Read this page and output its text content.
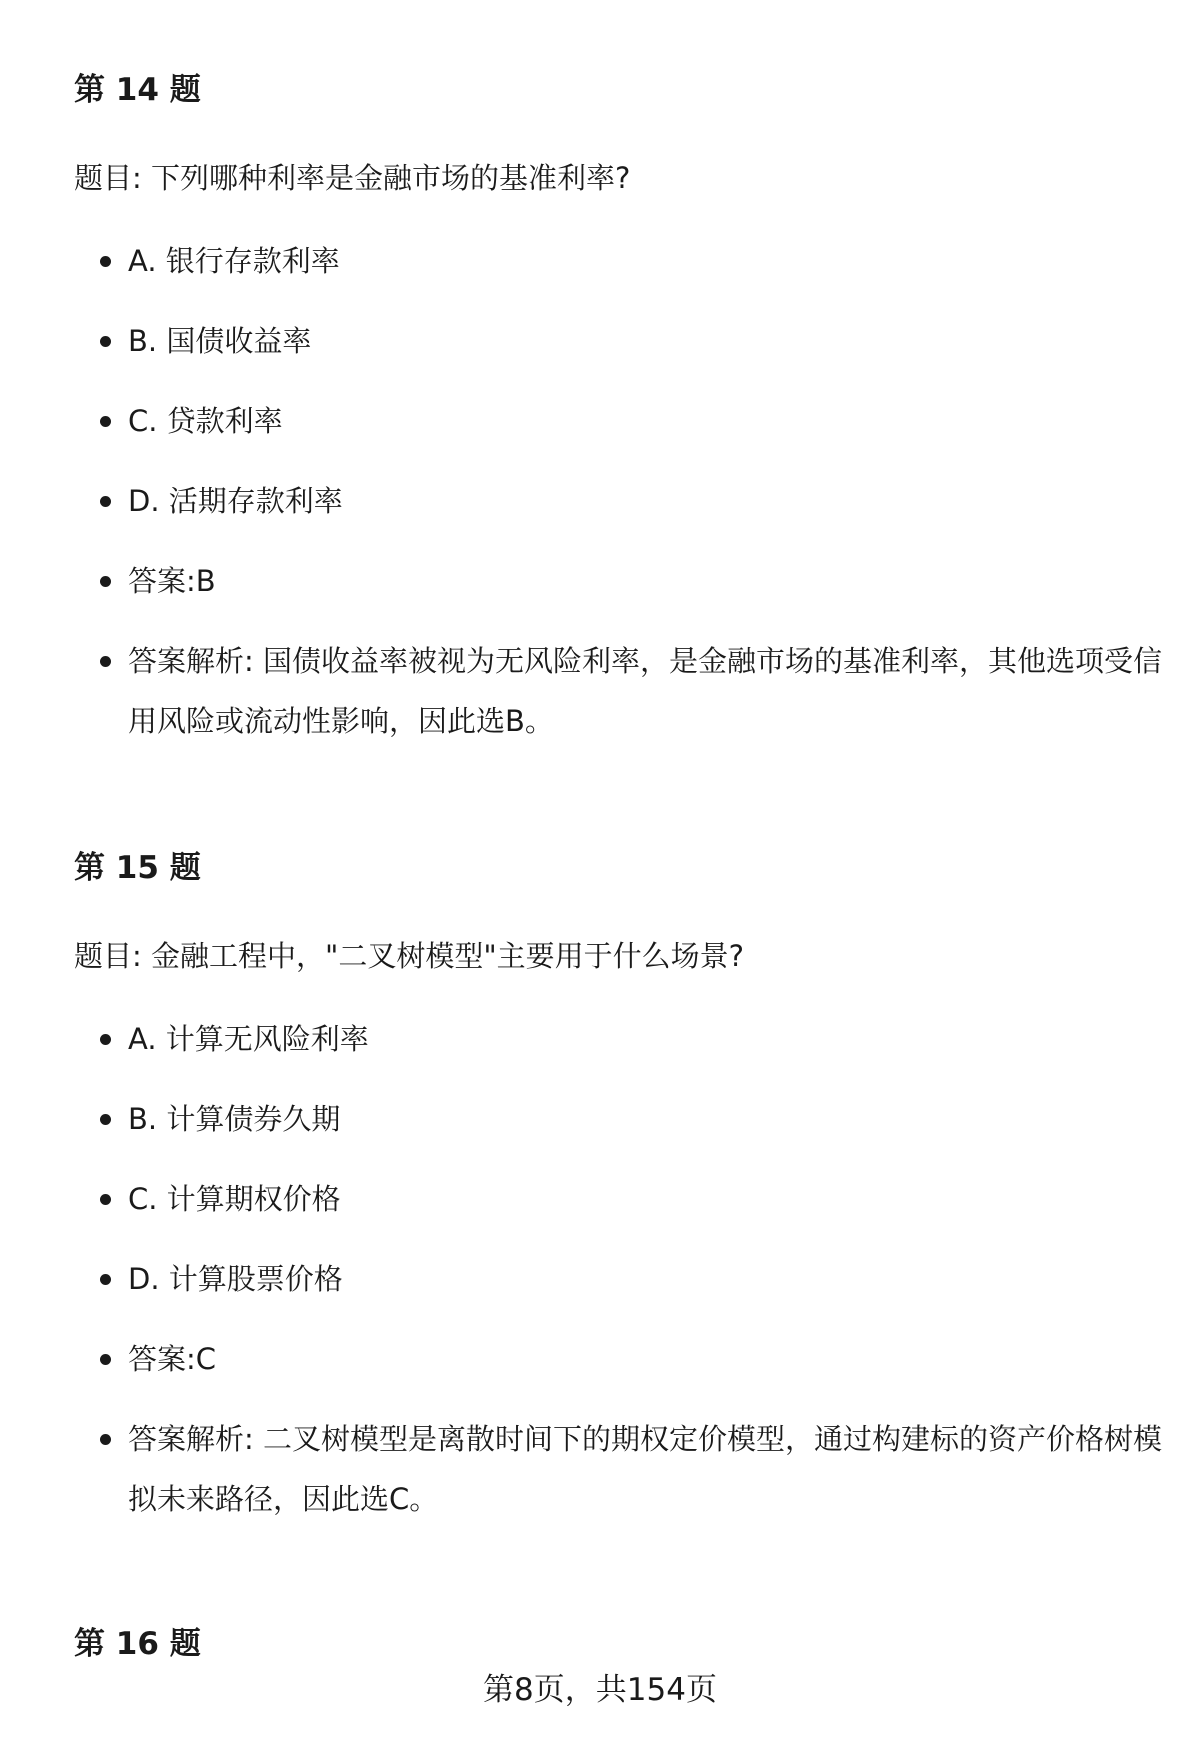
第 14 题

题目: 下列哪种利率是金融市场的基准利率?

A. 银行存款利率
B. 国债收益率
C. 贷款利率
D. 活期存款利率
答案:B
答案解析: 国债收益率被视为无风险利率，是金融市场的基准利率，其他选项受信用风险或流动性影响，因此选B。
第 15 题

题目: 金融工程中，"二叉树模型"主要用于什么场景?

A. 计算无风险利率
B. 计算债券久期
C. 计算期权价格
D. 计算股票价格
答案:C
答案解析: 二叉树模型是离散时间下的期权定价模型，通过构建标的资产价格树模拟未来路径，因此选C。
第 16 题
第8页，共154页
